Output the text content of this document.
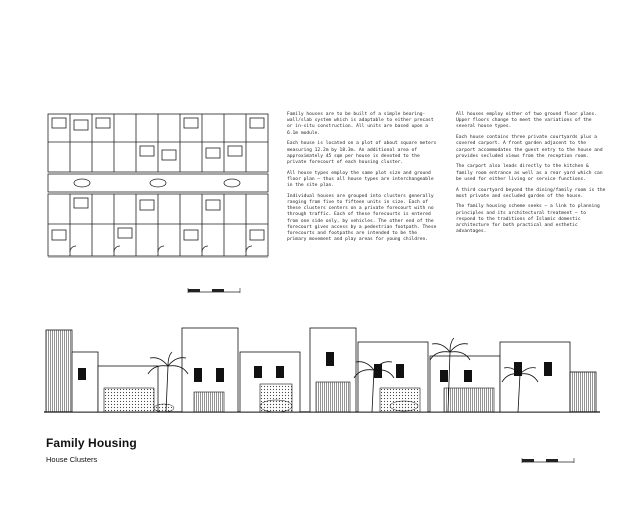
Family houses are to be built of a simple bearing-wall/slab system which is adaptable to either precast or in-situ construction. All units are based upon a 6.1m module.

Each house is located on a plot of about square meters measuring 12.2m by 18.3m. An additional area of approximately 45 sqm per house is devoted to the private forecourt of each housing cluster.

All house types employ the same plot size and ground floor plan — thus all house types are interchangeable in the site plan.

Individual houses are grouped into clusters generally ranging from five to fifteen units in size. Each of these clusters centers on a private forecourt with no through traffic. Each of these forecourts is entered from one side only, by vehicles. The other end of the forecourt gives access by a pedestrian footpath. These forecourts and footpaths are intended to be the primary movement and play areas for young children.

All houses employ either of two ground floor plans. Upper floors change to meet the variations of the several house types.

Each house contains three private courtyards plus a covered carport. A front garden adjacent to the carport accommodates the guest entry to the house and provides secluded views from the reception room.

The carport also leads directly to the kitchen & family room entrance as well as a rear yard which can be used for either living or service functions.

A third courtyard beyond the dining/family room is the most private and secluded garden of the house.

The family housing scheme seeks — a link to planning principles and its architectural treatment — to respond to the traditions of Islamic domestic architecture for both practical and esthetic advantages.

Family Housing
House Clusters
